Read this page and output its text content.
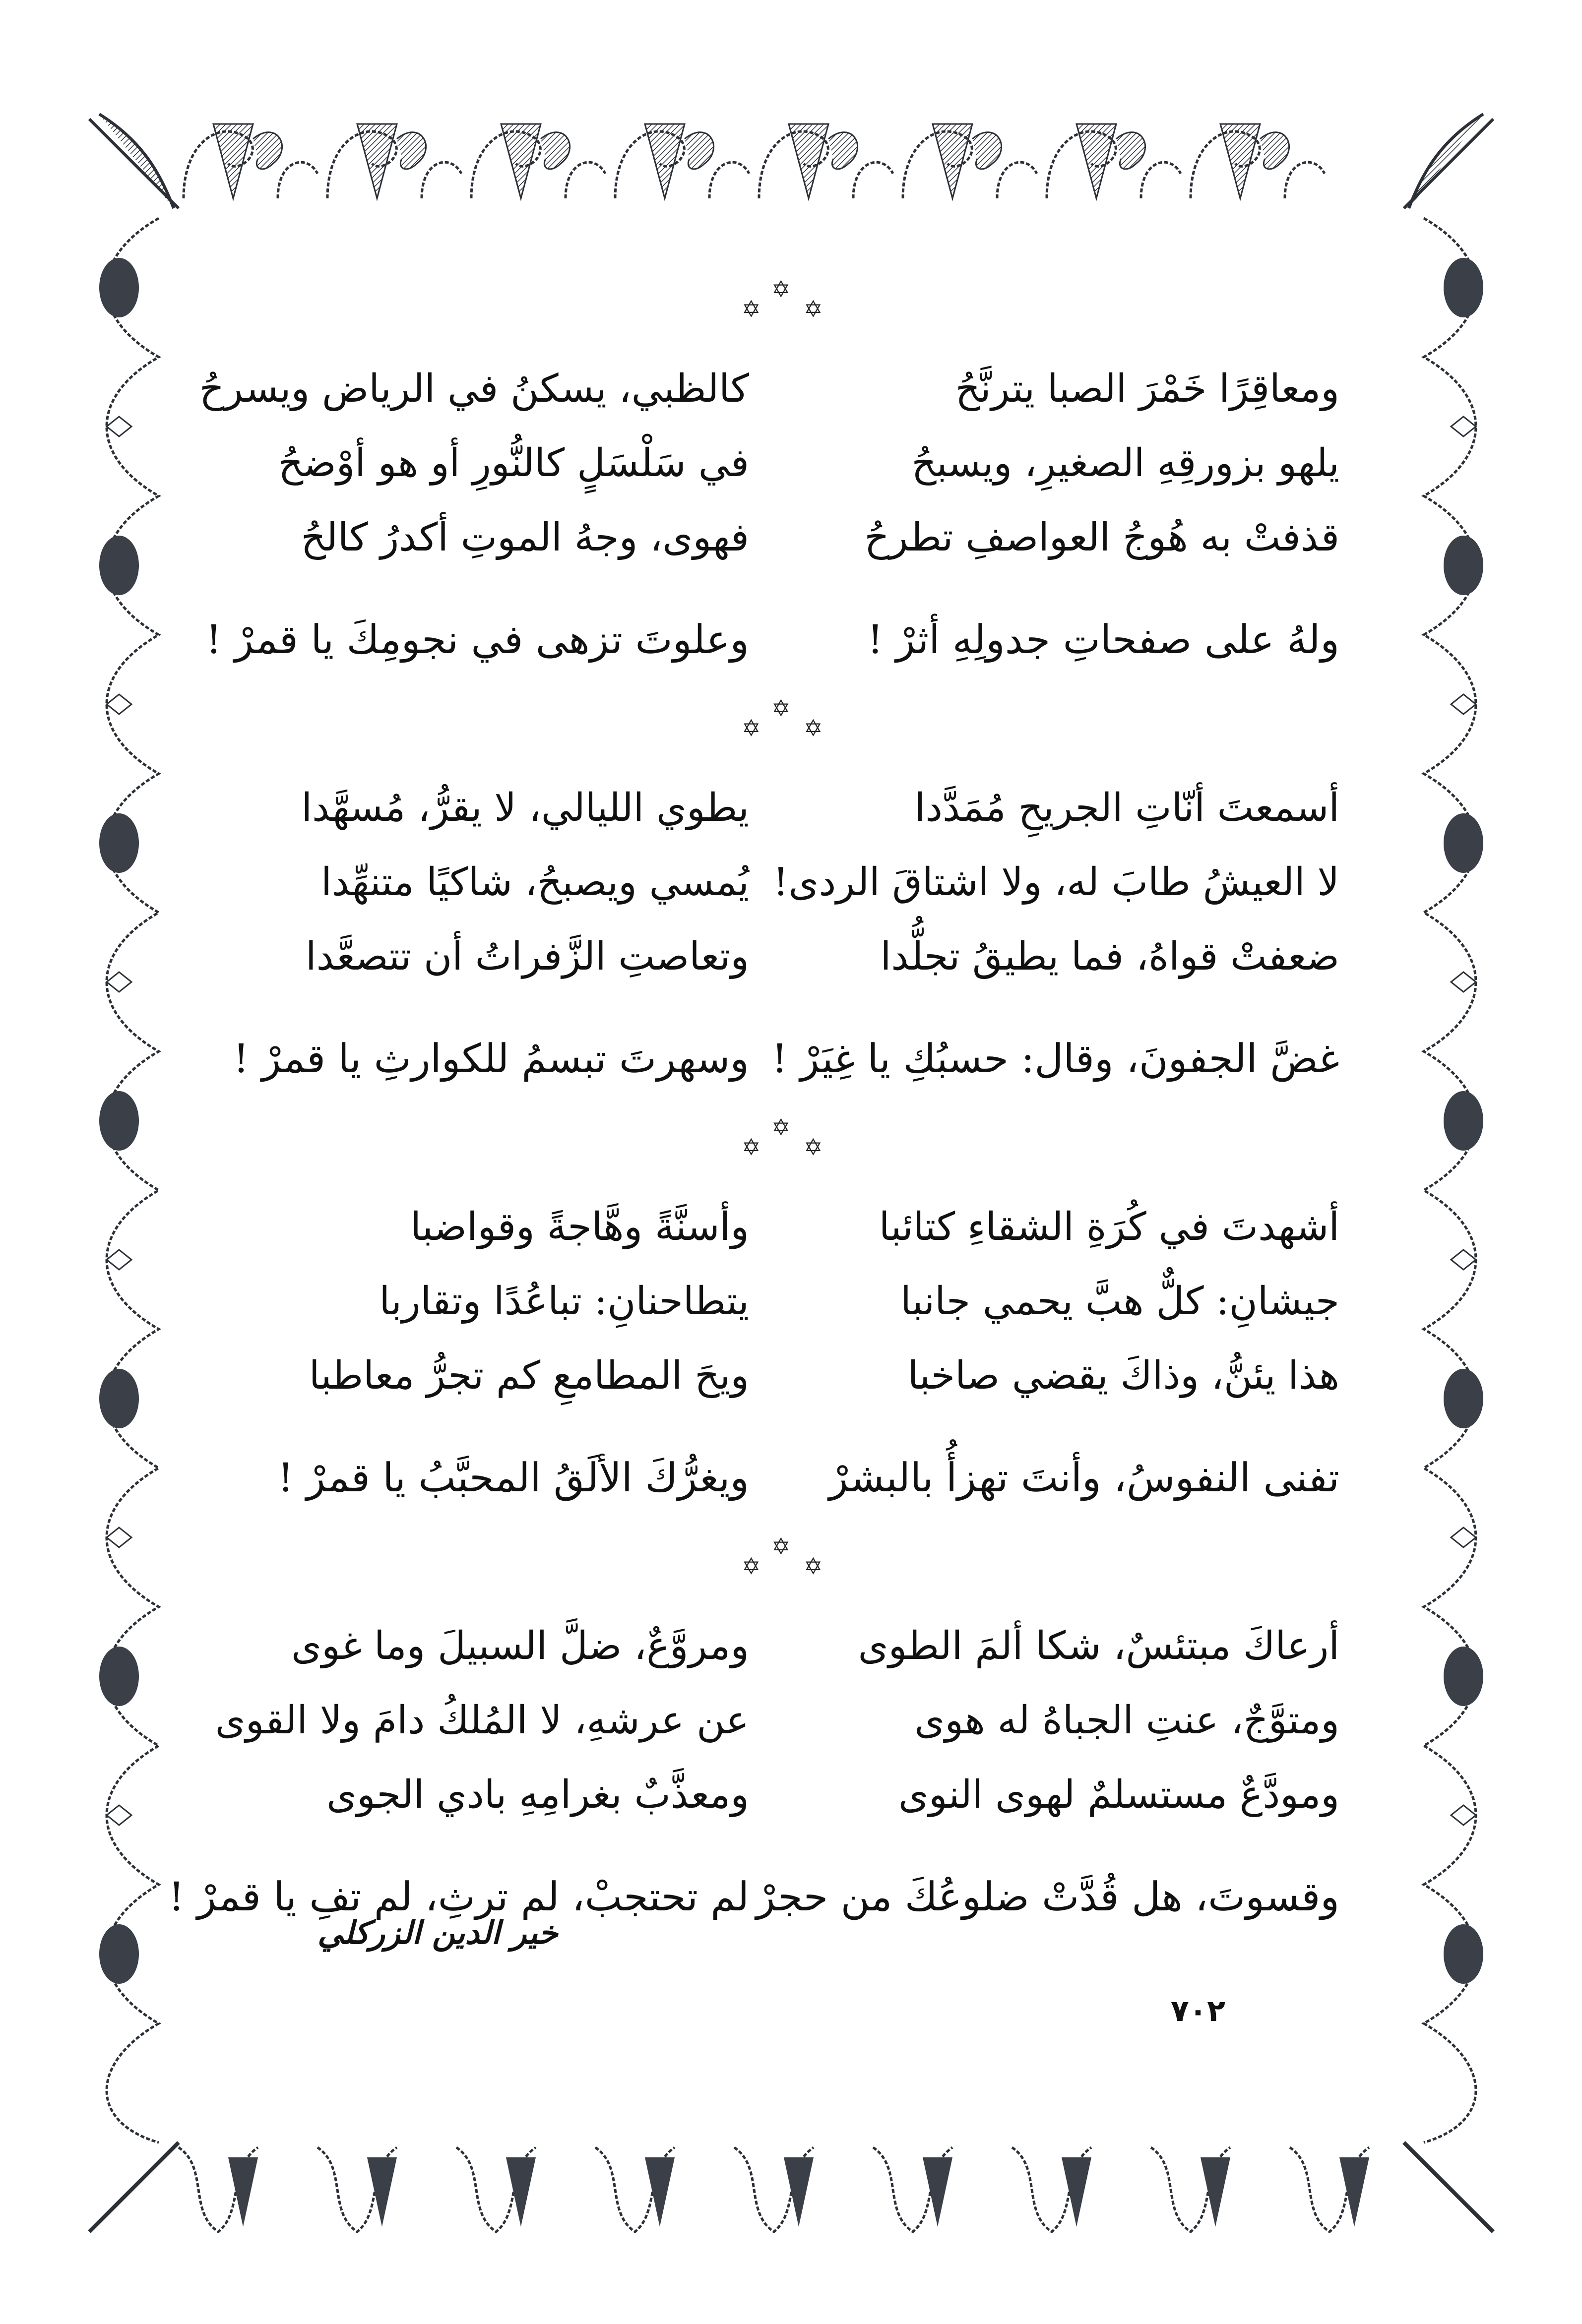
✡
✡ ✡
ومعاقِرًا خَمْرَ الصبا يترنَّحُ
كالظبي، يسكنُ في الرياض ويسرحُ
يلهو بزورقِهِ الصغيرِ، ويسبحُ
في سَلْسَلٍ كالنُّورِ أو هو أوْضحُ
قذفتْ به هُوجُ العواصفِ تطرحُ
فهوى، وجهُ الموتِ أكدرُ كالحُ
ولهُ على صفحاتِ جدولِهِ أثرْ !
وعلوتَ تزهى في نجومِكَ يا قمرْ !
✡
✡ ✡
أسمعتَ أنّاتِ الجريحِ مُمَدَّدا
يطوي الليالي، لا يقرُّ، مُسهَّدا
لا العيشُ طابَ له، ولا اشتاقَ الردى!
يُمسي ويصبحُ، شاكيًا متنهِّدا
ضعفتْ قواهُ، فما يطيقُ تجلُّدا
وتعاصتِ الزَّفراتُ أن تتصعَّدا
غضَّ الجفونَ، وقال: حسبُكِ يا غِيَرْ !
وسهرتَ تبسمُ للكوارثِ يا قمرْ !
✡
✡ ✡
أشهدتَ في كُرَةِ الشقاءِ كتائبا
وأسنَّةً وهَّاجةً وقواضبا
جيشانِ: كلٌّ هبَّ يحمي جانبا
يتطاحنانِ: تباعُدًا وتقاربا
هذا يئنُّ، وذاكَ يقضي صاخبا
ويحَ المطامعِ كم تجرُّ معاطبا
تفنى النفوسُ، وأنتَ تهزأُ بالبشرْ
ويغرُّكَ الألَقُ المحبَّبُ يا قمرْ !
✡
✡ ✡
أرعاكَ مبتئسٌ، شكا ألمَ الطوى
ومروَّعٌ، ضلَّ السبيلَ وما غوى
ومتوَّجٌ، عنتِ الجباهُ له هوى
عن عرشهِ، لا المُلكُ دامَ ولا القوى
ومودَّعٌ مستسلمٌ لهوى النوى
ومعذَّبٌ بغرامِهِ بادي الجوى
وقسوتَ، هل قُدَّتْ ضلوعُكَ من حجرْ
لم تحتجبْ، لم ترثِ، لم تفِ يا قمرْ !
خير الدين الزركلي
٧٠٢
